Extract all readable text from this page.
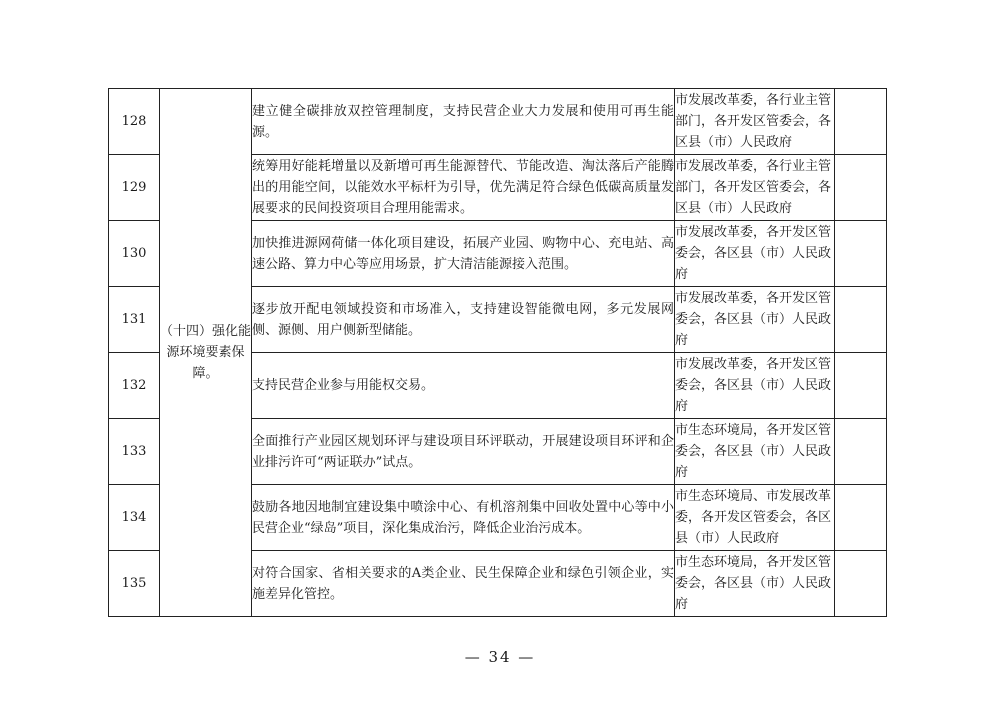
128	（十四）强化能源环境要素保障。	建立健全碳排放双控管理制度，支持民营企业大力发展和使用可再生能源。	市发展改革委，各行业主管部门，各开发区管委会，各区县（市）人民政府	
129		统筹用好能耗增量以及新增可再生能源替代、节能改造、淘汰落后产能腾出的用能空间，以能效水平标杆为引导，优先满足符合绿色低碳高质量发展要求的民间投资项目合理用能需求。	市发展改革委，各行业主管部门，各开发区管委会，各区县（市）人民政府	
130		加快推进源网荷储一体化项目建设，拓展产业园、购物中心、充电站、高速公路、算力中心等应用场景，扩大清洁能源接入范围。	市发展改革委，各开发区管委会，各区县（市）人民政府	
131		逐步放开配电领域投资和市场准入，支持建设智能微电网，多元发展网侧、源侧、用户侧新型储能。	市发展改革委，各开发区管委会，各区县（市）人民政府	
132		支持民营企业参与用能权交易。	市发展改革委，各开发区管委会，各区县（市）人民政府	
133		全面推行产业园区规划环评与建设项目环评联动，开展建设项目环评和企业排污许可“两证联办”试点。	市生态环境局，各开发区管委会，各区县（市）人民政府	
134		鼓励各地因地制宜建设集中喷涂中心、有机溶剂集中回收处置中心等中小民营企业“绿岛”项目，深化集成治污，降低企业治污成本。	市生态环境局、市发展改革委，各开发区管委会，各区县（市）人民政府	
135		对符合国家、省相关要求的A类企业、民生保障企业和绿色引领企业，实施差异化管控。	市生态环境局，各开发区管委会，各区县（市）人民政府	
— 34 —
